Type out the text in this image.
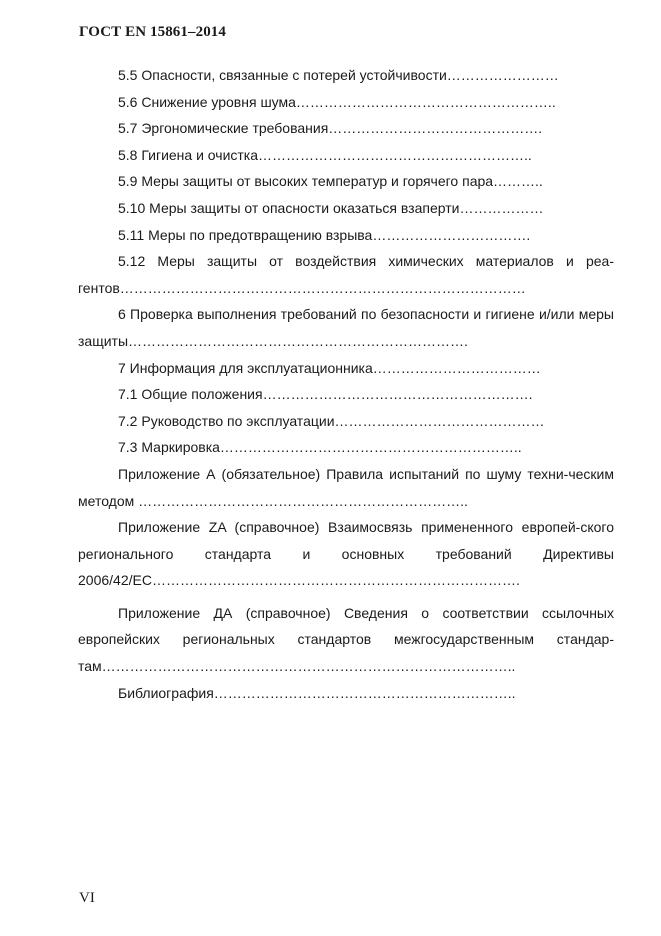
ГОСТ EN 15861–2014

5.5 Опасности, связанные с потерей устойчивости……………………

5.6 Снижение уровня шума………………………………………………..

5.7 Эргономические требования……………………………………….

5.8 Гигиена и очистка…………………………………………………..

5.9 Меры защиты от высоких температур и горячего пара………..

5.10 Меры защиты от опасности оказаться взаперти………………

5.11 Меры по предотвращению взрыва…………………………….

5.12 Меры защиты от воздействия химических материалов и реа-гентов……………………………………………………………………………

6 Проверка выполнения требований по безопасности и гигиене и/или меры защиты……………………………………………………………….

7 Информация для эксплуатационника………………………………

7.1 Общие положения………………………………………………….

7.2 Руководство по эксплуатации………………………………………

7.3 Маркировка………………………………………………………..

Приложение А (обязательное) Правила испытаний по шуму техни-ческим методом ……………………………………………………………..

Приложение ZA (справочное) Взаимосвязь примененного европей-ского регионального стандарта и основных требований Директивы 2006/42/EC…………………………………………………………………….

Приложение ДА (справочное) Сведения о соответствии ссылочных европейских региональных стандартов межгосударственным стандар-там……………………………………………………………………………..

Библиография………………………………………………………..

VI
